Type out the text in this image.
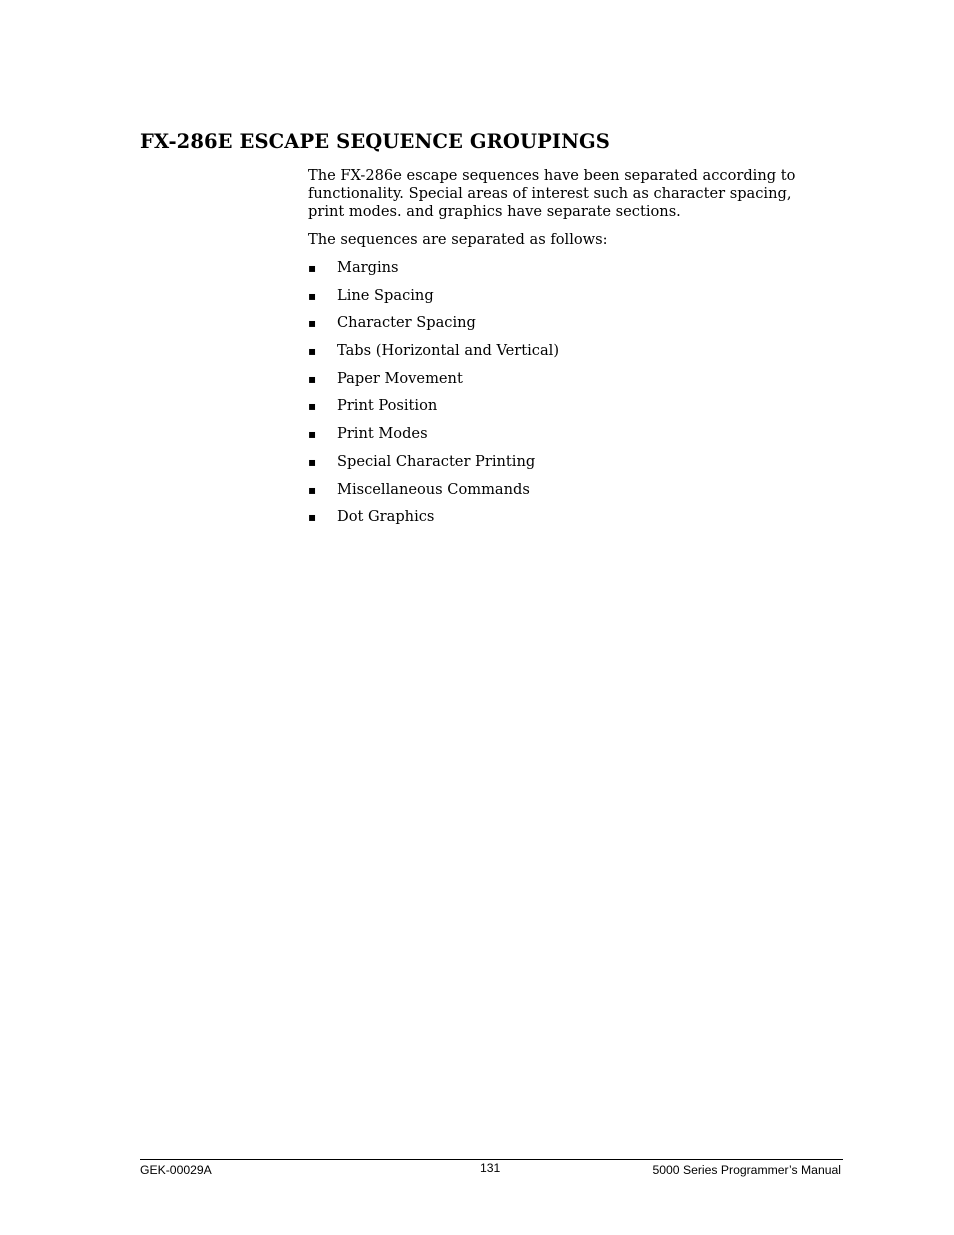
FX-286E ESCAPE SEQUENCE GROUPINGS

The FX-286e escape sequences have been separated according to functionality. Special areas of interest such as character spacing, print modes. and graphics have separate sections.

The sequences are separated as follows:

▪ Margins
▪ Line Spacing
▪ Character Spacing
▪ Tabs (Horizontal and Vertical)
▪ Paper Movement
▪ Print Position
▪ Print Modes
▪ Special Character Printing
▪ Miscellaneous Commands
▪ Dot Graphics
GEK-00029A	131	5000 Series Programmer’s Manual
